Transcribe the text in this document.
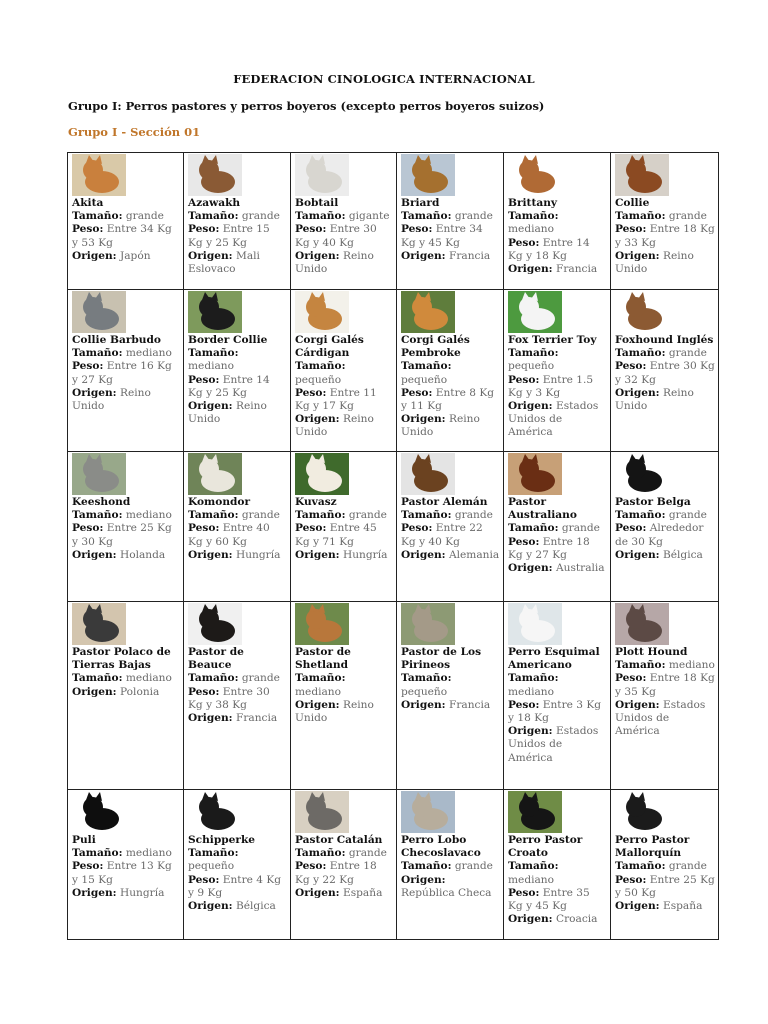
FEDERACION CINOLOGICA INTERNACIONAL
Grupo I: Perros pastores y perros boyeros (excepto perros boyeros suizos)
Grupo I - Sección 01
Akita
Tamaño: grande
Peso: Entre 34 Kg y 53 Kg
Origen: Japón	Azawakh
Tamaño: grande
Peso: Entre 15 Kg y 25 Kg
Origen: Mali Eslovaco	Bobtail
Tamaño: gigante
Peso: Entre 30 Kg y 40 Kg
Origen: Reino Unido	Briard
Tamaño: grande
Peso: Entre 34 Kg y 45 Kg
Origen: Francia	Brittany
Tamaño: mediano
Peso: Entre 14 Kg y 18 Kg
Origen: Francia	Collie
Tamaño: grande
Peso: Entre 18 Kg y 33 Kg
Origen: Reino Unido

Collie Barbudo
Tamaño: mediano
Peso: Entre 16 Kg y 27 Kg
Origen: Reino Unido	Border Collie
Tamaño: mediano
Peso: Entre 14 Kg y 25 Kg
Origen: Reino Unido	Corgi Galés Cárdigan
Tamaño: pequeño
Peso: Entre 11 Kg y 17 Kg
Origen: Reino Unido	Corgi Galés Pembroke
Tamaño: pequeño
Peso: Entre 8 Kg y 11 Kg
Origen: Reino Unido	Fox Terrier Toy
Tamaño: pequeño
Peso: Entre 1.5 Kg y 3 Kg
Origen: Estados Unidos de América	Foxhound Inglés
Tamaño: grande
Peso: Entre 30 Kg y 32 Kg
Origen: Reino Unido

Keeshond
Tamaño: mediano
Peso: Entre 25 Kg y 30 Kg
Origen: Holanda	Komondor
Tamaño: grande
Peso: Entre 40 Kg y 60 Kg
Origen: Hungría	Kuvasz
Tamaño: grande
Peso: Entre 45 Kg y 71 Kg
Origen: Hungría	Pastor Alemán
Tamaño: grande
Peso: Entre 22 Kg y 40 Kg
Origen: Alemania	Pastor Australiano
Tamaño: grande
Peso: Entre 18 Kg y 27 Kg
Origen: Australia	Pastor Belga
Tamaño: grande
Peso: Alrededor de 30 Kg
Origen: Bélgica

Pastor Polaco de Tierras Bajas
Tamaño: mediano
Origen: Polonia	Pastor de Beauce
Tamaño: grande
Peso: Entre 30 Kg y 38 Kg
Origen: Francia	Pastor de Shetland
Tamaño: mediano
Origen: Reino Unido	Pastor de Los Pirineos
Tamaño: pequeño
Origen: Francia	Perro Esquimal Americano
Tamaño: mediano
Peso: Entre 3 Kg y 18 Kg
Origen: Estados Unidos de América	Plott Hound
Tamaño: mediano
Peso: Entre 18 Kg y 35 Kg
Origen: Estados Unidos de América

Puli
Tamaño: mediano
Peso: Entre 13 Kg y 15 Kg
Origen: Hungría	Schipperke
Tamaño: pequeño
Peso: Entre 4 Kg y 9 Kg
Origen: Bélgica	Pastor Catalán
Tamaño: grande
Peso: Entre 18 Kg y 22 Kg
Origen: España	Perro Lobo Checoslavaco
Tamaño: grande
Origen: República Checa	Perro Pastor Croato
Tamaño: mediano
Peso: Entre 35 Kg y 45 Kg
Origen: Croacia	Perro Pastor Mallorquín
Tamaño: grande
Peso: Entre 25 Kg y 50 Kg
Origen: España
